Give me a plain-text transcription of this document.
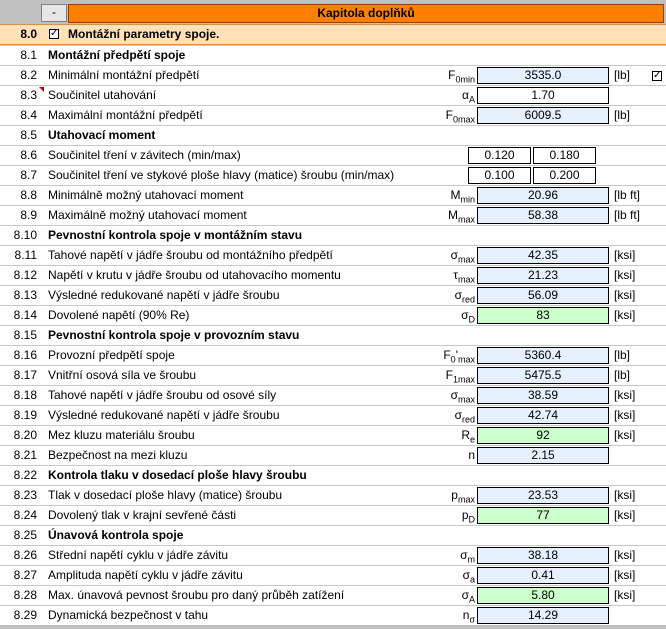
-	Kapitola doplňků
8.0 ✓ Montážní parametry spoje.
8.1 Montážní předpětí spoje
8.2 Minimální montážní předpětí	$F_{0min}$	3535.0	[lb] ✓
8.3 Součinitel utahování	$\alpha_A$	1.70
8.4 Maximální montážní předpětí	$F_{0max}$	6009.5	[lb]
8.5 Utahovací moment
8.6 Součinitel tření v závitech (min/max)	0.120	0.180
8.7 Součinitel tření ve stykové ploše hlavy (matice) šroubu (min/max)	0.100	0.200
8.8 Minimálně možný utahovací moment	$M_{min}$	20.96	[lb ft]
8.9 Maximálně možný utahovací moment	$M_{max}$	58.38	[lb ft]
8.10 Pevnostní kontrola spoje v montážním stavu
8.11 Tahové napětí v jádře šroubu od montážního předpětí	$\sigma_{max}$	42.35	[ksi]
8.12 Napětí v krutu v jádře šroubu od utahovacího momentu	$\tau_{max}$	21.23	[ksi]
8.13 Výsledné redukované napětí v jádře šroubu	$\sigma_{red}$	56.09	[ksi]
8.14 Dovolené napětí (90% Re)	$\sigma_D$	83	[ksi]
8.15 Pevnostní kontrola spoje v provozním stavu
8.16 Provozní předpětí spoje	$F_0'_{max}$	5360.4	[lb]
8.17 Vnitřní osová síla ve šroubu	$F_{1max}$	5475.5	[lb]
8.18 Tahové napětí v jádře šroubu od osové síly	$\sigma_{max}$	38.59	[ksi]
8.19 Výsledné redukované napětí v jádře šroubu	$\sigma_{red}$	42.74	[ksi]
8.20 Mez kluzu materiálu šroubu	$R_e$	92	[ksi]
8.21 Bezpečnost na mezi kluzu	n	2.15
8.22 Kontrola tlaku v dosedací ploše hlavy šroubu
8.23 Tlak v dosedací ploše hlavy (matice) šroubu	$p_{max}$	23.53	[ksi]
8.24 Dovolený tlak v krajní sevřené části	$p_D$	77	[ksi]
8.25 Únavová kontrola spoje
8.26 Střední napětí cyklu v jádře závitu	$\sigma_m$	38.18	[ksi]
8.27 Amplituda napětí cyklu v jádře závitu	$\sigma_a$	0.41	[ksi]
8.28 Max. únavová pevnost šroubu pro daný průběh zatížení	$\sigma_A$	5.80	[ksi]
8.29 Dynamická bezpečnost v tahu	$n_\sigma$	14.29
